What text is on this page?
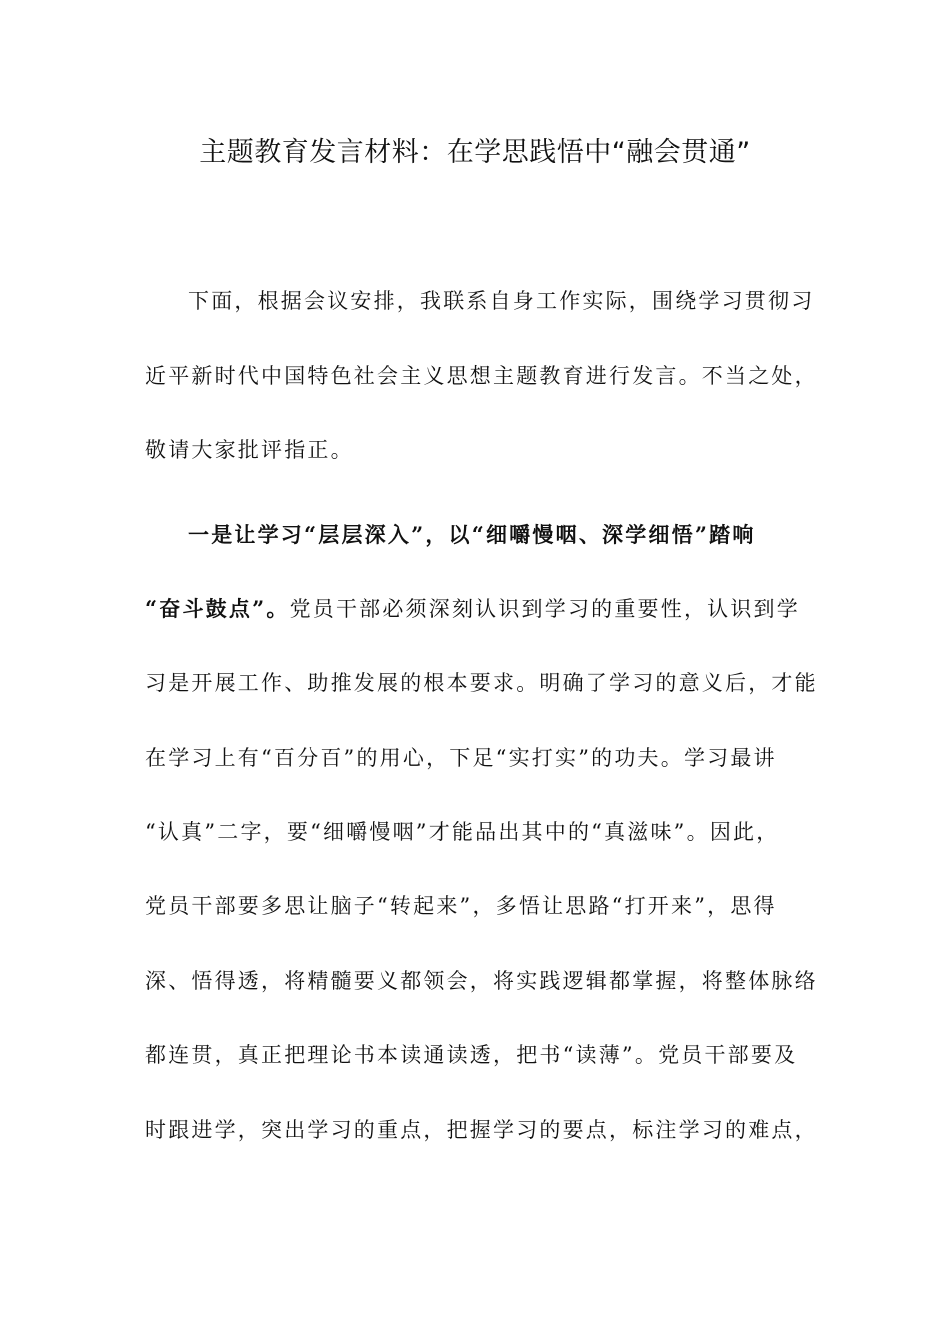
主题教育发言材料：在学思践悟中“融会贯通”
下面，根据会议安排，我联系自身工作实际，围绕学习贯彻习
近平新时代中国特色社会主义思想主题教育进行发言。不当之处，
敬请大家批评指正。
一是让学习“层层深入”，以“细嚼慢咽、深学细悟”踏响
“奋斗鼓点”。党员干部必须深刻认识到学习的重要性，认识到学
习是开展工作、助推发展的根本要求。明确了学习的意义后，才能
在学习上有“百分百”的用心，下足“实打实”的功夫。学习最讲
“认真”二字，要“细嚼慢咽”才能品出其中的“真滋味”。因此，
党员干部要多思让脑子“转起来”，多悟让思路“打开来”，思得
深、悟得透，将精髓要义都领会，将实践逻辑都掌握，将整体脉络
都连贯，真正把理论书本读通读透，把书“读薄”。党员干部要及
时跟进学，突出学习的重点，把握学习的要点，标注学习的难点，
